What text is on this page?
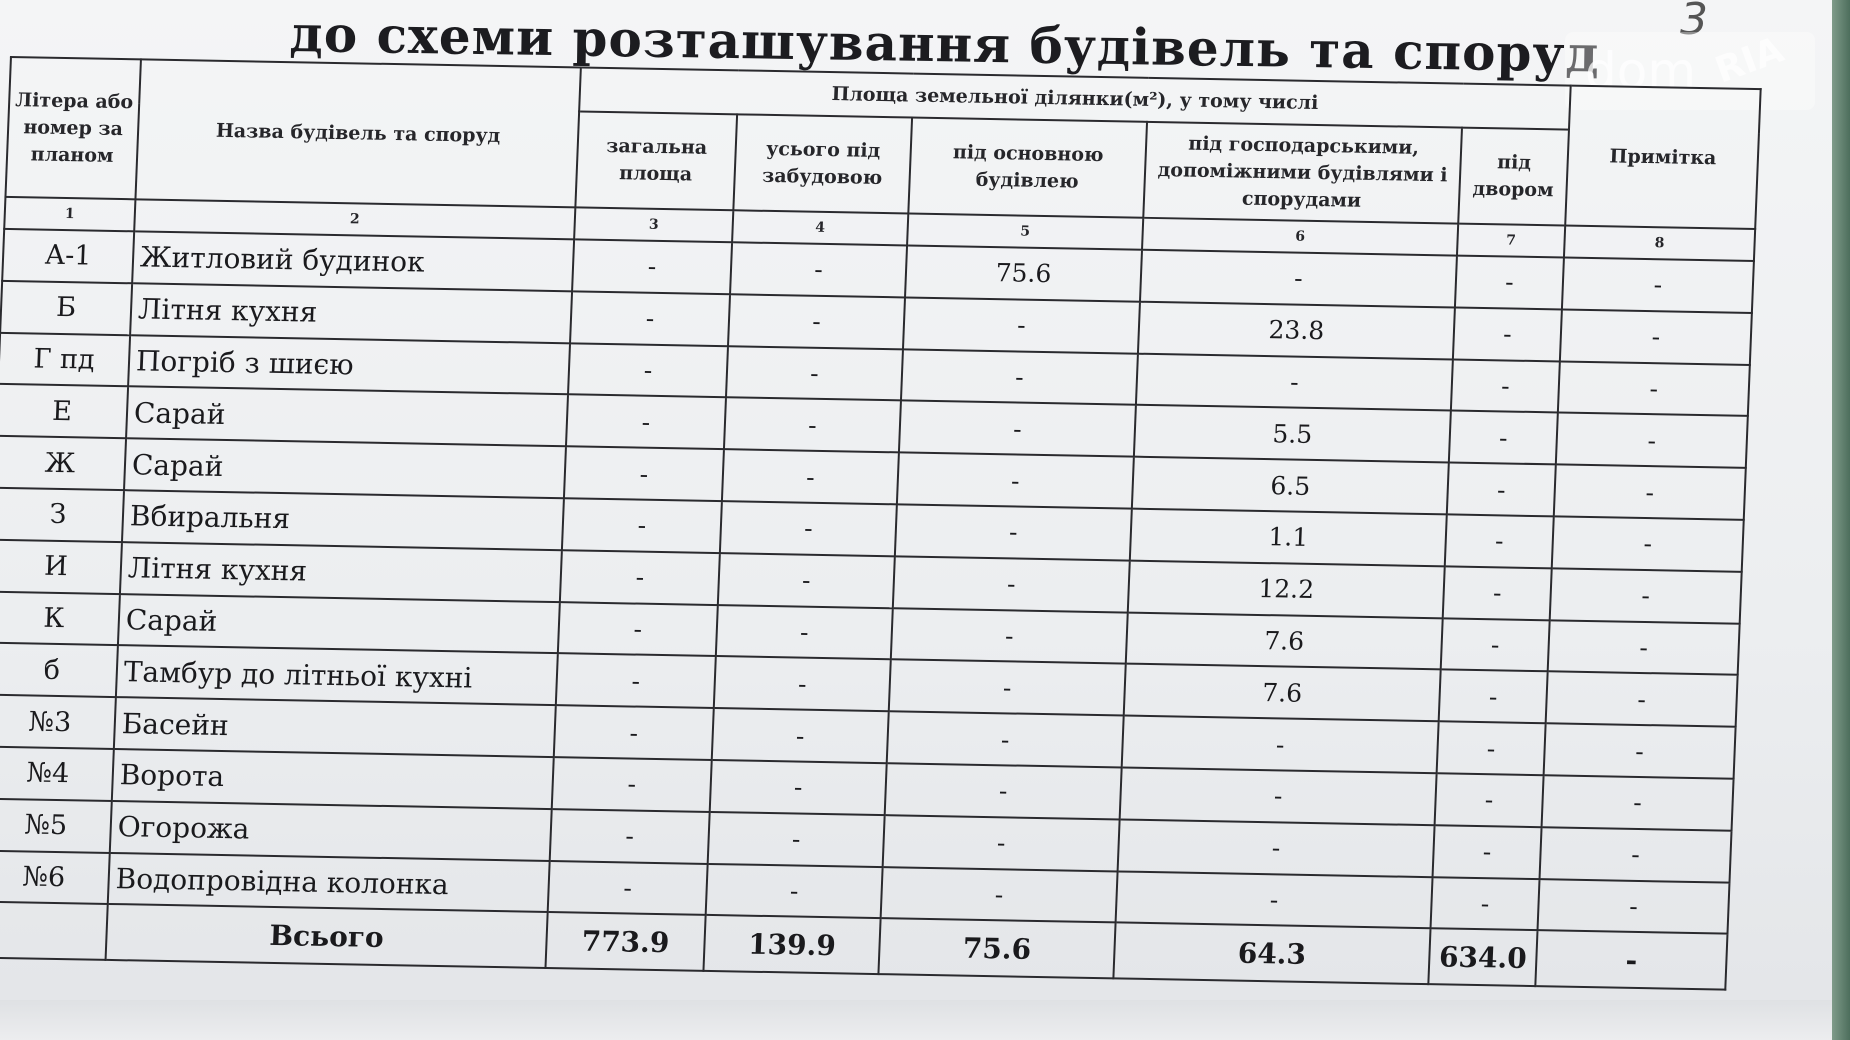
до схеми розташування будівель та споруд 3
dom RIA
Літера або номер за планом	Назва будівель та споруд	Площа земельної ділянки(м²), у тому числі					Примітка
		загальна площа	усього під забудовою	під основною будівлею	під господарськими, допоміжними будівлями і спорудами	під двором	
1	2	3	4	5	6	7	8
А-1	Житловий будинок	-	-	75.6	-	-	-
Б	Літня кухня	-	-	-	23.8	-	-
Г пд	Погріб з шиєю	-	-	-	-	-	-
Е	Сарай	-	-	-	5.5	-	-
Ж	Сарай	-	-	-	6.5	-	-
З	Вбиральня	-	-	-	1.1	-	-
И	Літня кухня	-	-	-	12.2	-	-
К	Сарай	-	-	-	7.6	-	-
б	Тамбур до літньої кухні	-	-	-	7.6	-	-
№3	Басейн	-	-	-	-	-	-
№4	Ворота	-	-	-	-	-	-
№5	Огорожа	-	-	-	-	-	-
№6	Водопровідна колонка	-	-	-	-	-	-
	Всього	773.9	139.9	75.6	64.3	634.0	-
